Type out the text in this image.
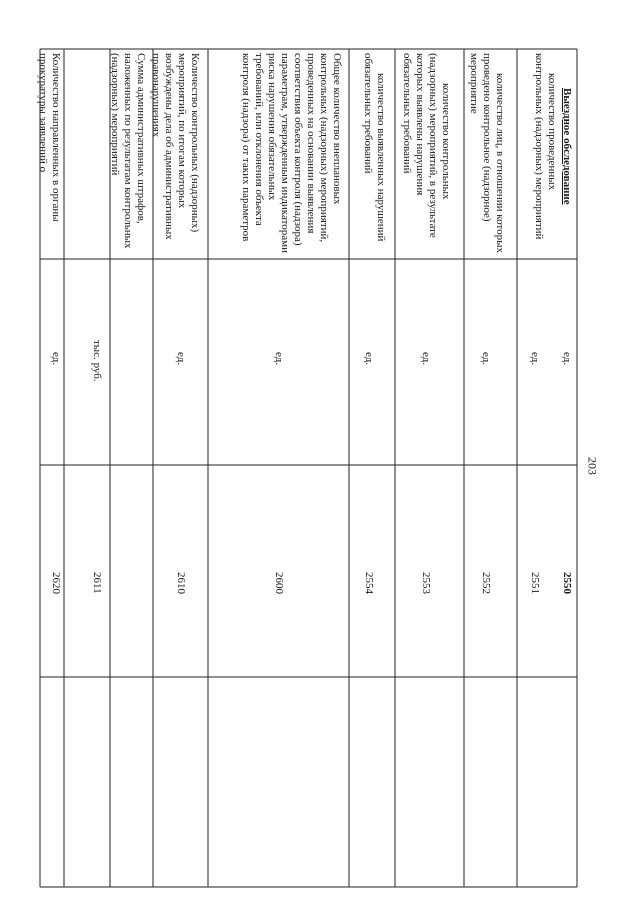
203
Выездное обследование
ед.
2550
количество проведенных контрольных (надзорных) мероприятий
ед.
2551
количество лиц, в отношении которых проведено контрольное (надзорное) мероприятие
ед.
2552
количество контрольных (надзорных) мероприятий, в результате которых выявлены нарушения обязательных требований
ед.
2553
количество выявленных нарушений обязательных требований
ед.
2554
Общее количество внеплановых контрольных (надзорных) мероприятий, проведенных на основании выявления соответствия объекта контроля (надзора) параметрам, утвержденным индикаторами риска нарушения обязательных требований, или отклонения объекта контроля (надзора) от таких параметров
ед.
2600
Количество контрольных (надзорных) мероприятий, по итогам которых возбуждены дела об административных правонарушениях
ед.
2610
Сумма административных штрафов, наложенных по результатам контрольных (надзорных) мероприятий
тыс. руб.
2611
Количество направленных в органы прокуратуры заявлений о
ед.
2620
